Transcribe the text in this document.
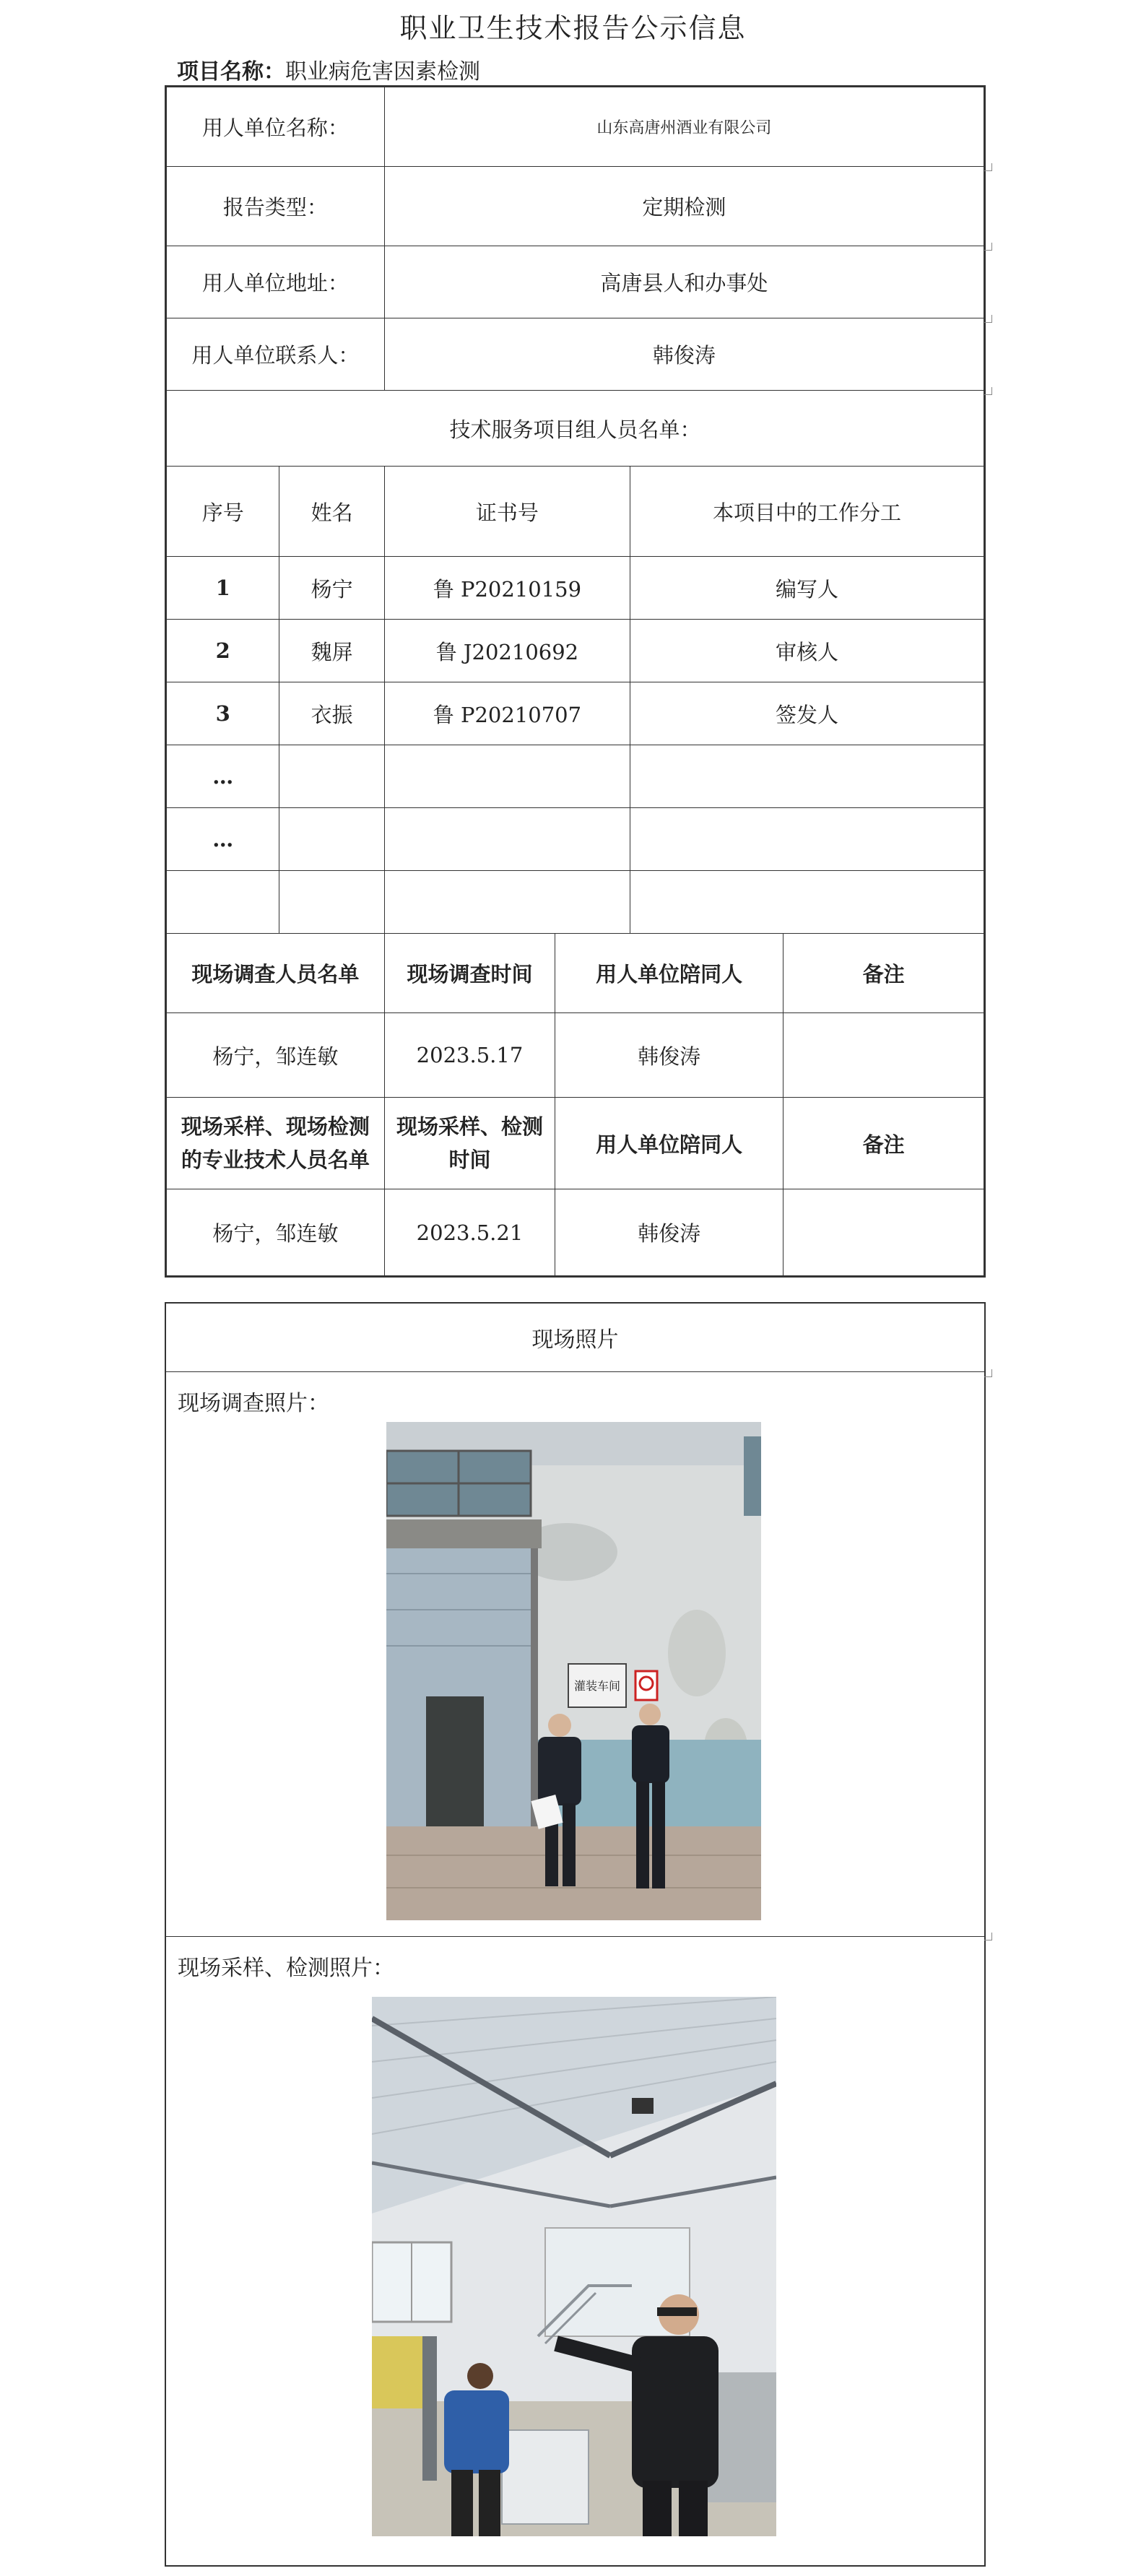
职业卫生技术报告公示信息
项目名称：职业病危害因素检测
用人单位名称：		山东高唐州酒业有限公司			
报告类型：		定期检测			
用人单位地址：		高唐县人和办事处			
用人单位联系人：		韩俊涛			
技术服务项目组人员名单：					
序号	姓名	证书号		本项目中的工作分工	
1	杨宁	鲁 P20210159		编写人	
2	魏屏	鲁 J20210692		审核人	
3	衣振	鲁 P20210707		签发人	
…					
…					

现场调查人员名单		现场调查时间	用人单位陪同人		备注
杨宁，邹连敏		2023.5.17	韩俊涛		
现场采样、现场检测的专业技术人员名单		现场采样、检测时间	用人单位陪同人		备注
杨宁，邹连敏		2023.5.21	韩俊涛		
现场照片
现场调查照片：
灌装车间
现场采样、检测照片：
